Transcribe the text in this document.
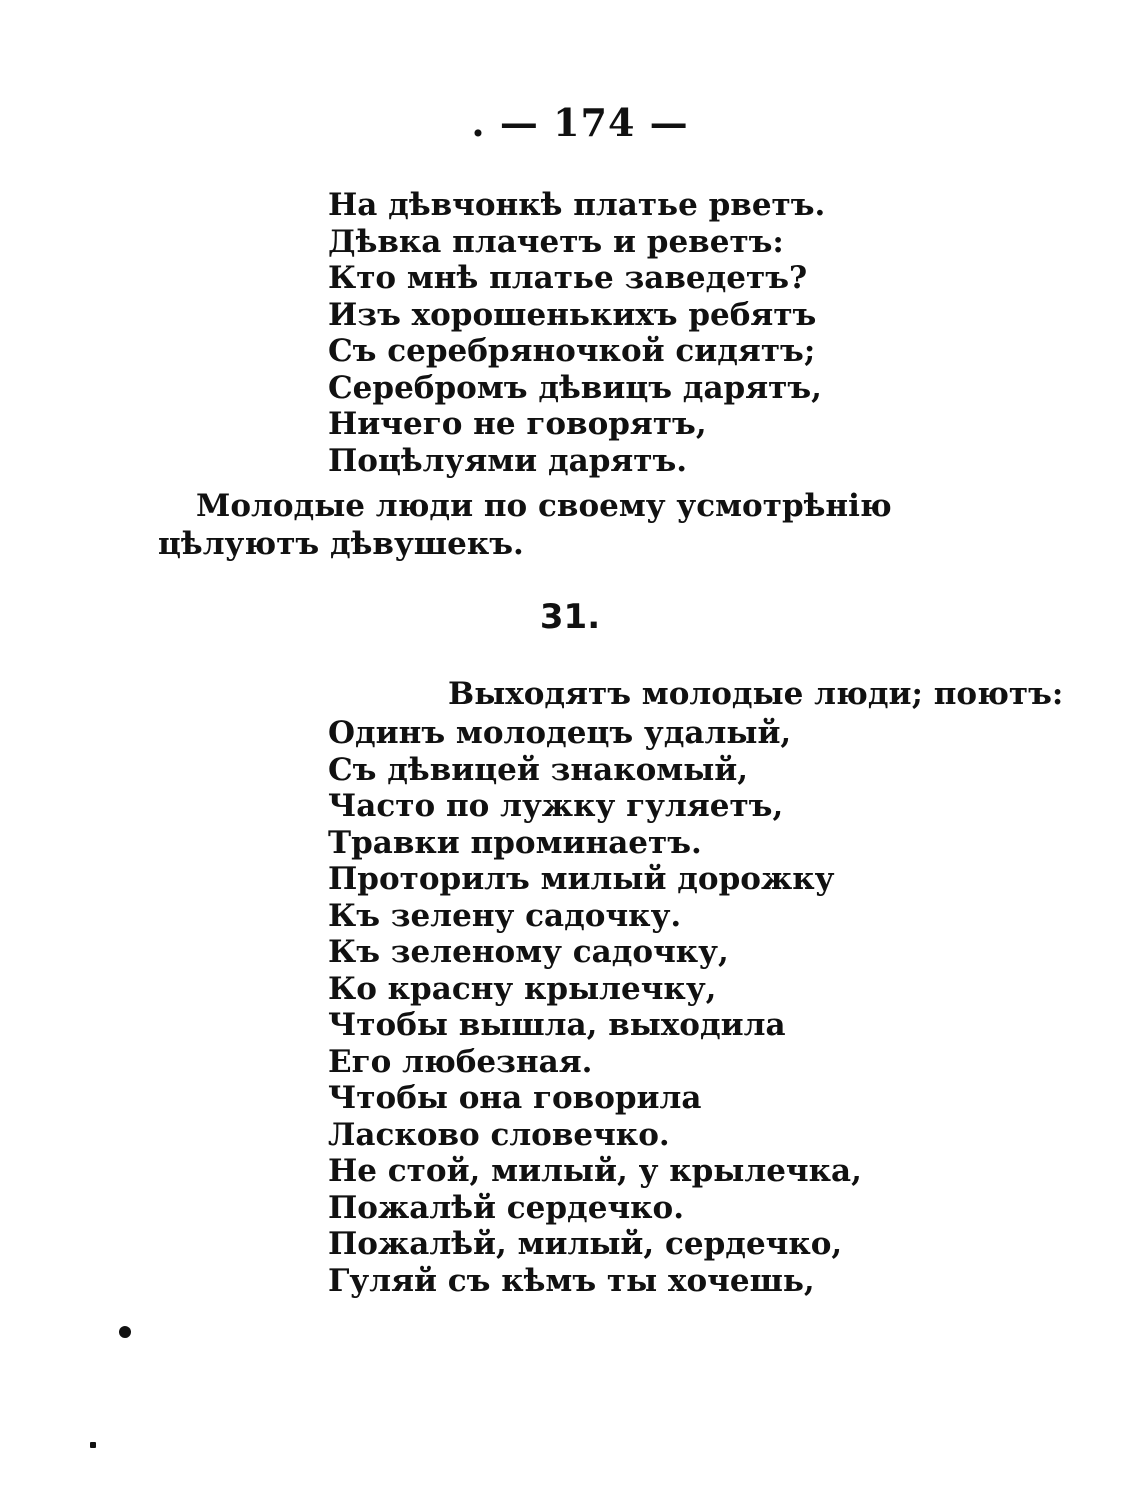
. — 174 —
На дѣвчонкѣ платье рветъ.
Дѣвка плачетъ и реветъ:
Кто мнѣ платье заведетъ?
Изъ хорошенькихъ ребятъ
Съ серебряночкой сидятъ;
Серебромъ дѣвицъ дарятъ,
Ничего не говорятъ,
Поцѣлуями дарятъ.

Молодые люди по своему усмотрѣнію цѣлуютъ дѣвушекъ.

31.

Выходятъ молодые люди; поютъ:

Одинъ молодецъ удалый,
Съ дѣвицей знакомый,
Часто по лужку гуляетъ,
Травки проминаетъ.
Проторилъ милый дорожку
Къ зелену садочку.
Къ зеленому садочку,
Ко красну крылечку,
Чтобы вышла, выходила
Его любезная.
Чтобы она говорила
Ласково словечко.
Не стой, милый, у крылечка,
Пожалѣй сердечко.
Пожалѣй, милый, сердечко,
Гуляй съ кѣмъ ты хочешь,
